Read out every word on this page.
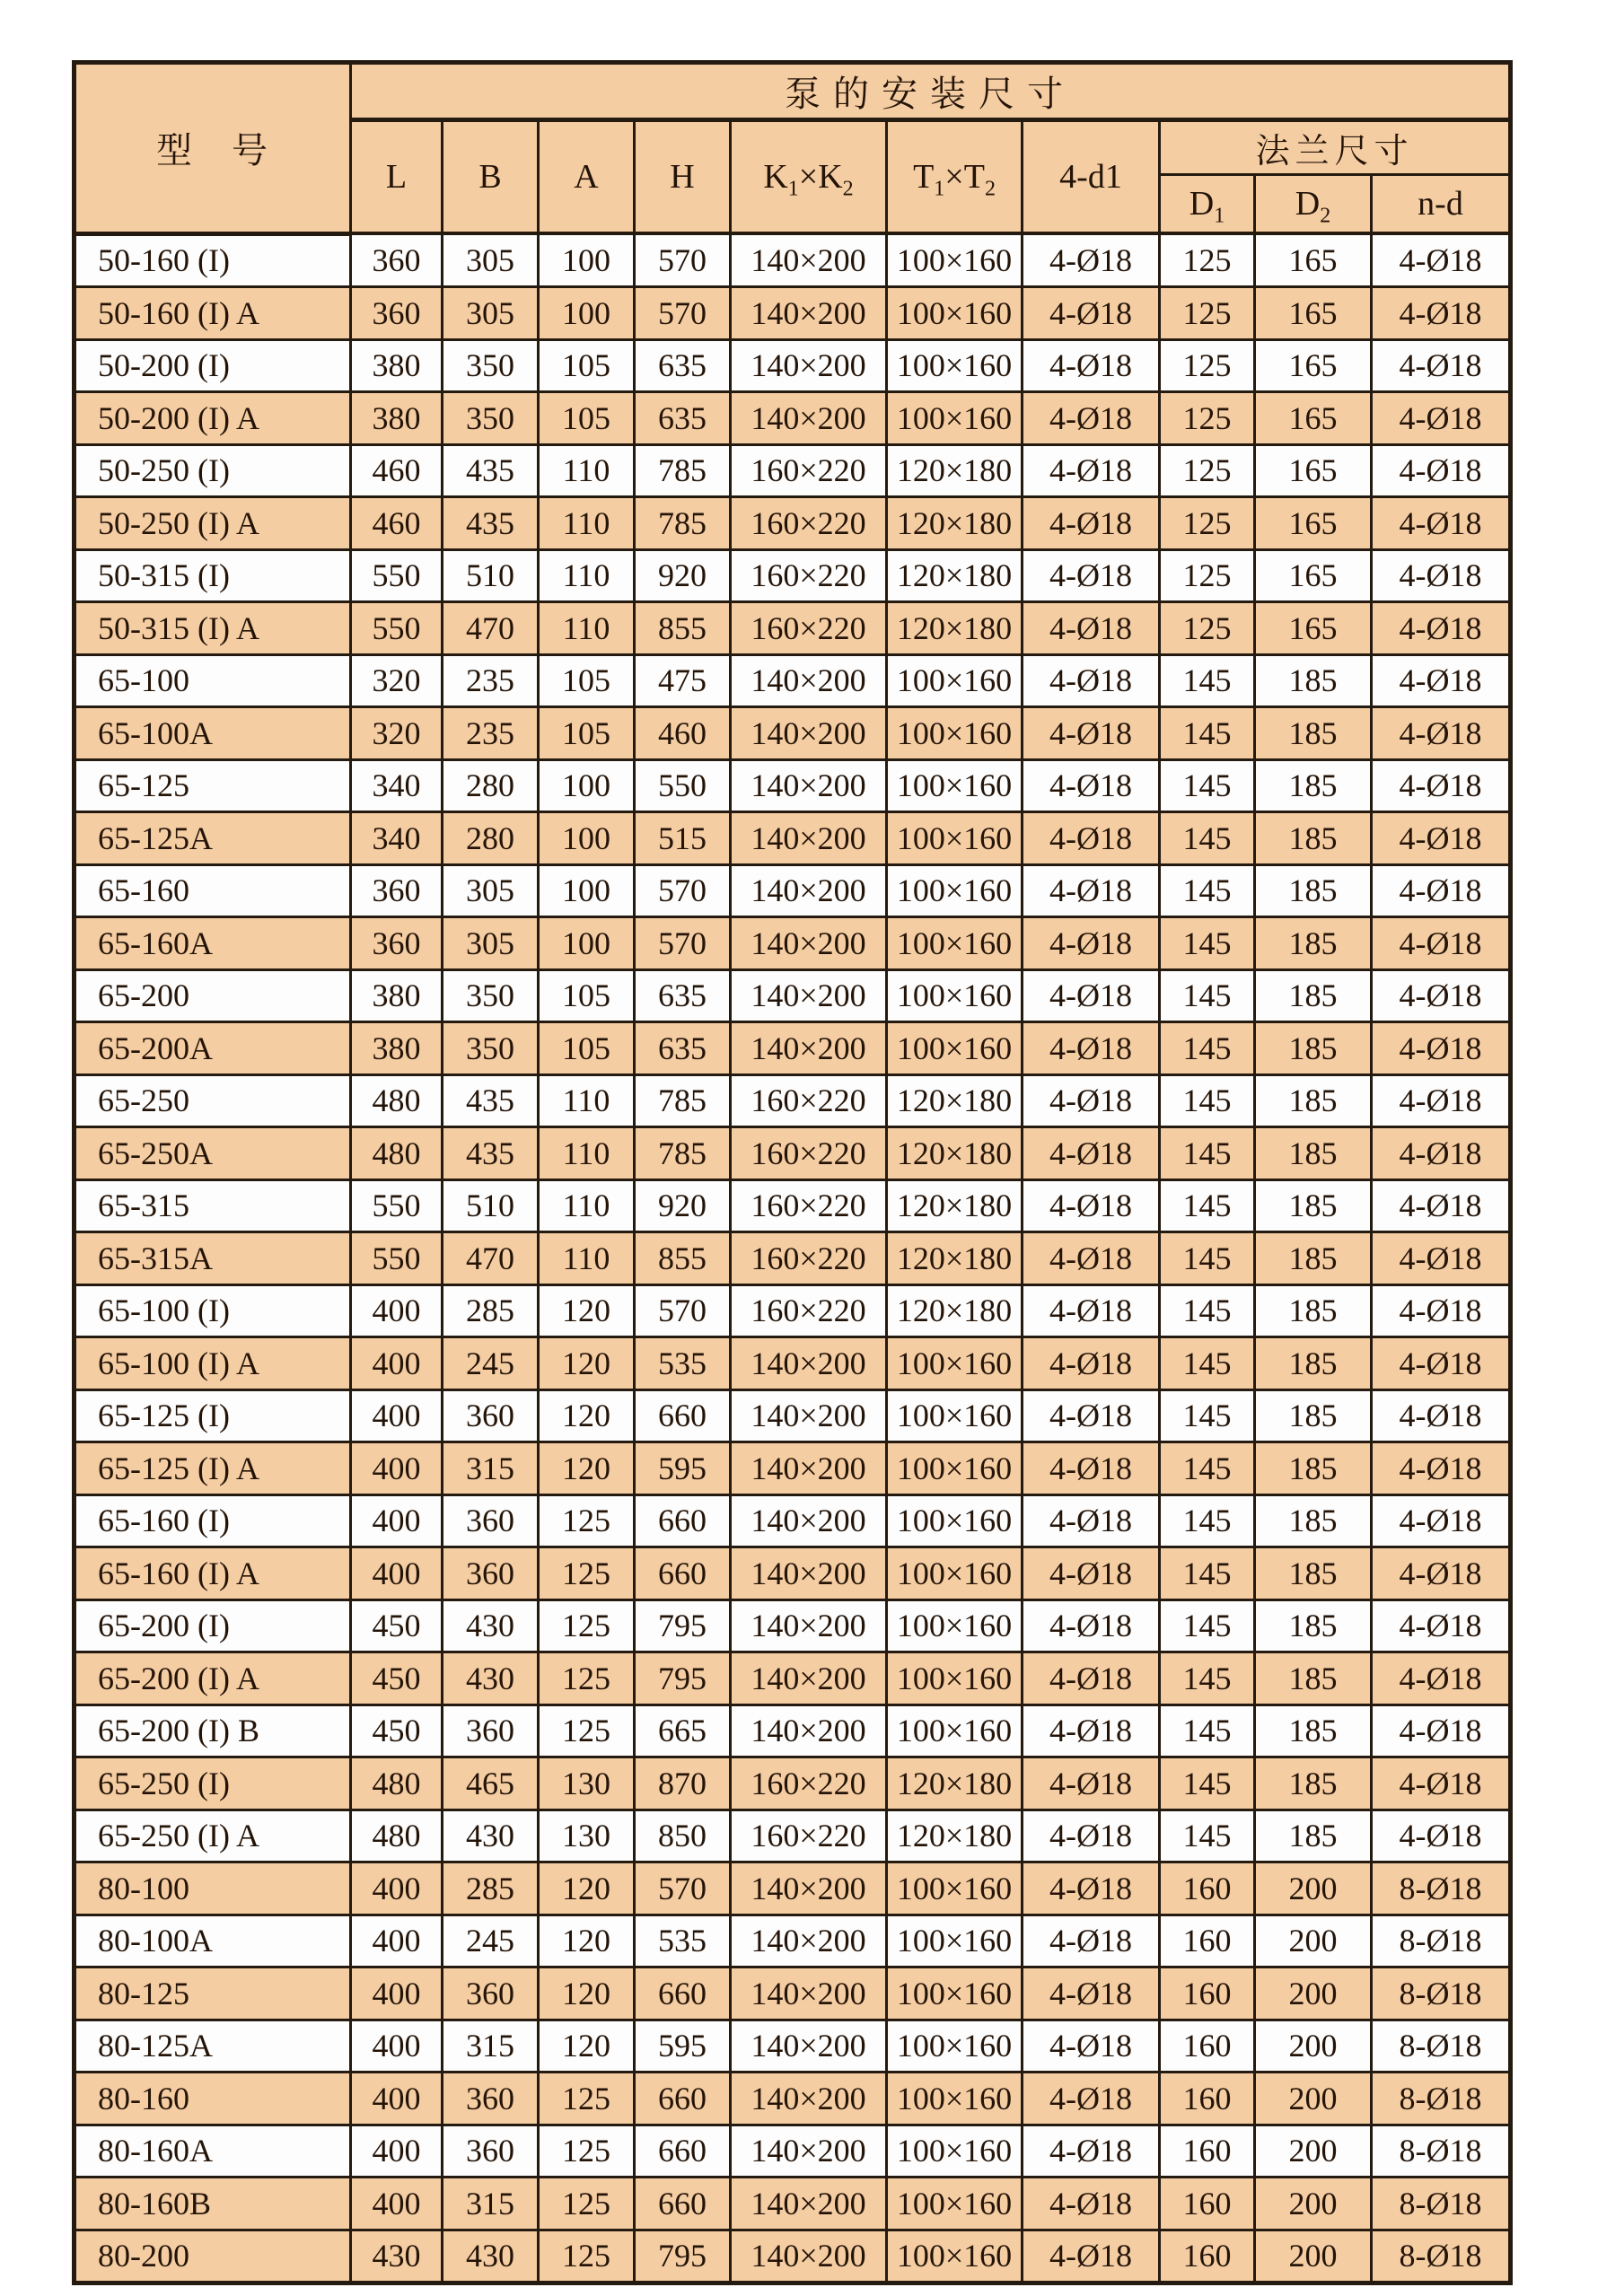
型　号	泵的安装尺寸									
	L	B	A	H	$K_1\times K_2$	$T_1\times T_2$	4-d1	法兰尺寸		
								$D_1$	$D_2$	n-d
50-160 (I)	360	305	100	570	140×200	100×160	4-Ø18	125	165	4-Ø18
50-160 (I) A	360	305	100	570	140×200	100×160	4-Ø18	125	165	4-Ø18
50-200 (I)	380	350	105	635	140×200	100×160	4-Ø18	125	165	4-Ø18
50-200 (I) A	380	350	105	635	140×200	100×160	4-Ø18	125	165	4-Ø18
50-250 (I)	460	435	110	785	160×220	120×180	4-Ø18	125	165	4-Ø18
50-250 (I) A	460	435	110	785	160×220	120×180	4-Ø18	125	165	4-Ø18
50-315 (I)	550	510	110	920	160×220	120×180	4-Ø18	125	165	4-Ø18
50-315 (I) A	550	470	110	855	160×220	120×180	4-Ø18	125	165	4-Ø18
65-100	320	235	105	475	140×200	100×160	4-Ø18	145	185	4-Ø18
65-100A	320	235	105	460	140×200	100×160	4-Ø18	145	185	4-Ø18
65-125	340	280	100	550	140×200	100×160	4-Ø18	145	185	4-Ø18
65-125A	340	280	100	515	140×200	100×160	4-Ø18	145	185	4-Ø18
65-160	360	305	100	570	140×200	100×160	4-Ø18	145	185	4-Ø18
65-160A	360	305	100	570	140×200	100×160	4-Ø18	145	185	4-Ø18
65-200	380	350	105	635	140×200	100×160	4-Ø18	145	185	4-Ø18
65-200A	380	350	105	635	140×200	100×160	4-Ø18	145	185	4-Ø18
65-250	480	435	110	785	160×220	120×180	4-Ø18	145	185	4-Ø18
65-250A	480	435	110	785	160×220	120×180	4-Ø18	145	185	4-Ø18
65-315	550	510	110	920	160×220	120×180	4-Ø18	145	185	4-Ø18
65-315A	550	470	110	855	160×220	120×180	4-Ø18	145	185	4-Ø18
65-100 (I)	400	285	120	570	160×220	120×180	4-Ø18	145	185	4-Ø18
65-100 (I) A	400	245	120	535	140×200	100×160	4-Ø18	145	185	4-Ø18
65-125 (I)	400	360	120	660	140×200	100×160	4-Ø18	145	185	4-Ø18
65-125 (I) A	400	315	120	595	140×200	100×160	4-Ø18	145	185	4-Ø18
65-160 (I)	400	360	125	660	140×200	100×160	4-Ø18	145	185	4-Ø18
65-160 (I) A	400	360	125	660	140×200	100×160	4-Ø18	145	185	4-Ø18
65-200 (I)	450	430	125	795	140×200	100×160	4-Ø18	145	185	4-Ø18
65-200 (I) A	450	430	125	795	140×200	100×160	4-Ø18	145	185	4-Ø18
65-200 (I) B	450	360	125	665	140×200	100×160	4-Ø18	145	185	4-Ø18
65-250 (I)	480	465	130	870	160×220	120×180	4-Ø18	145	185	4-Ø18
65-250 (I) A	480	430	130	850	160×220	120×180	4-Ø18	145	185	4-Ø18
80-100	400	285	120	570	140×200	100×160	4-Ø18	160	200	8-Ø18
80-100A	400	245	120	535	140×200	100×160	4-Ø18	160	200	8-Ø18
80-125	400	360	120	660	140×200	100×160	4-Ø18	160	200	8-Ø18
80-125A	400	315	120	595	140×200	100×160	4-Ø18	160	200	8-Ø18
80-160	400	360	125	660	140×200	100×160	4-Ø18	160	200	8-Ø18
80-160A	400	360	125	660	140×200	100×160	4-Ø18	160	200	8-Ø18
80-160B	400	315	125	660	140×200	100×160	4-Ø18	160	200	8-Ø18
80-200	430	430	125	795	140×200	100×160	4-Ø18	160	200	8-Ø18
